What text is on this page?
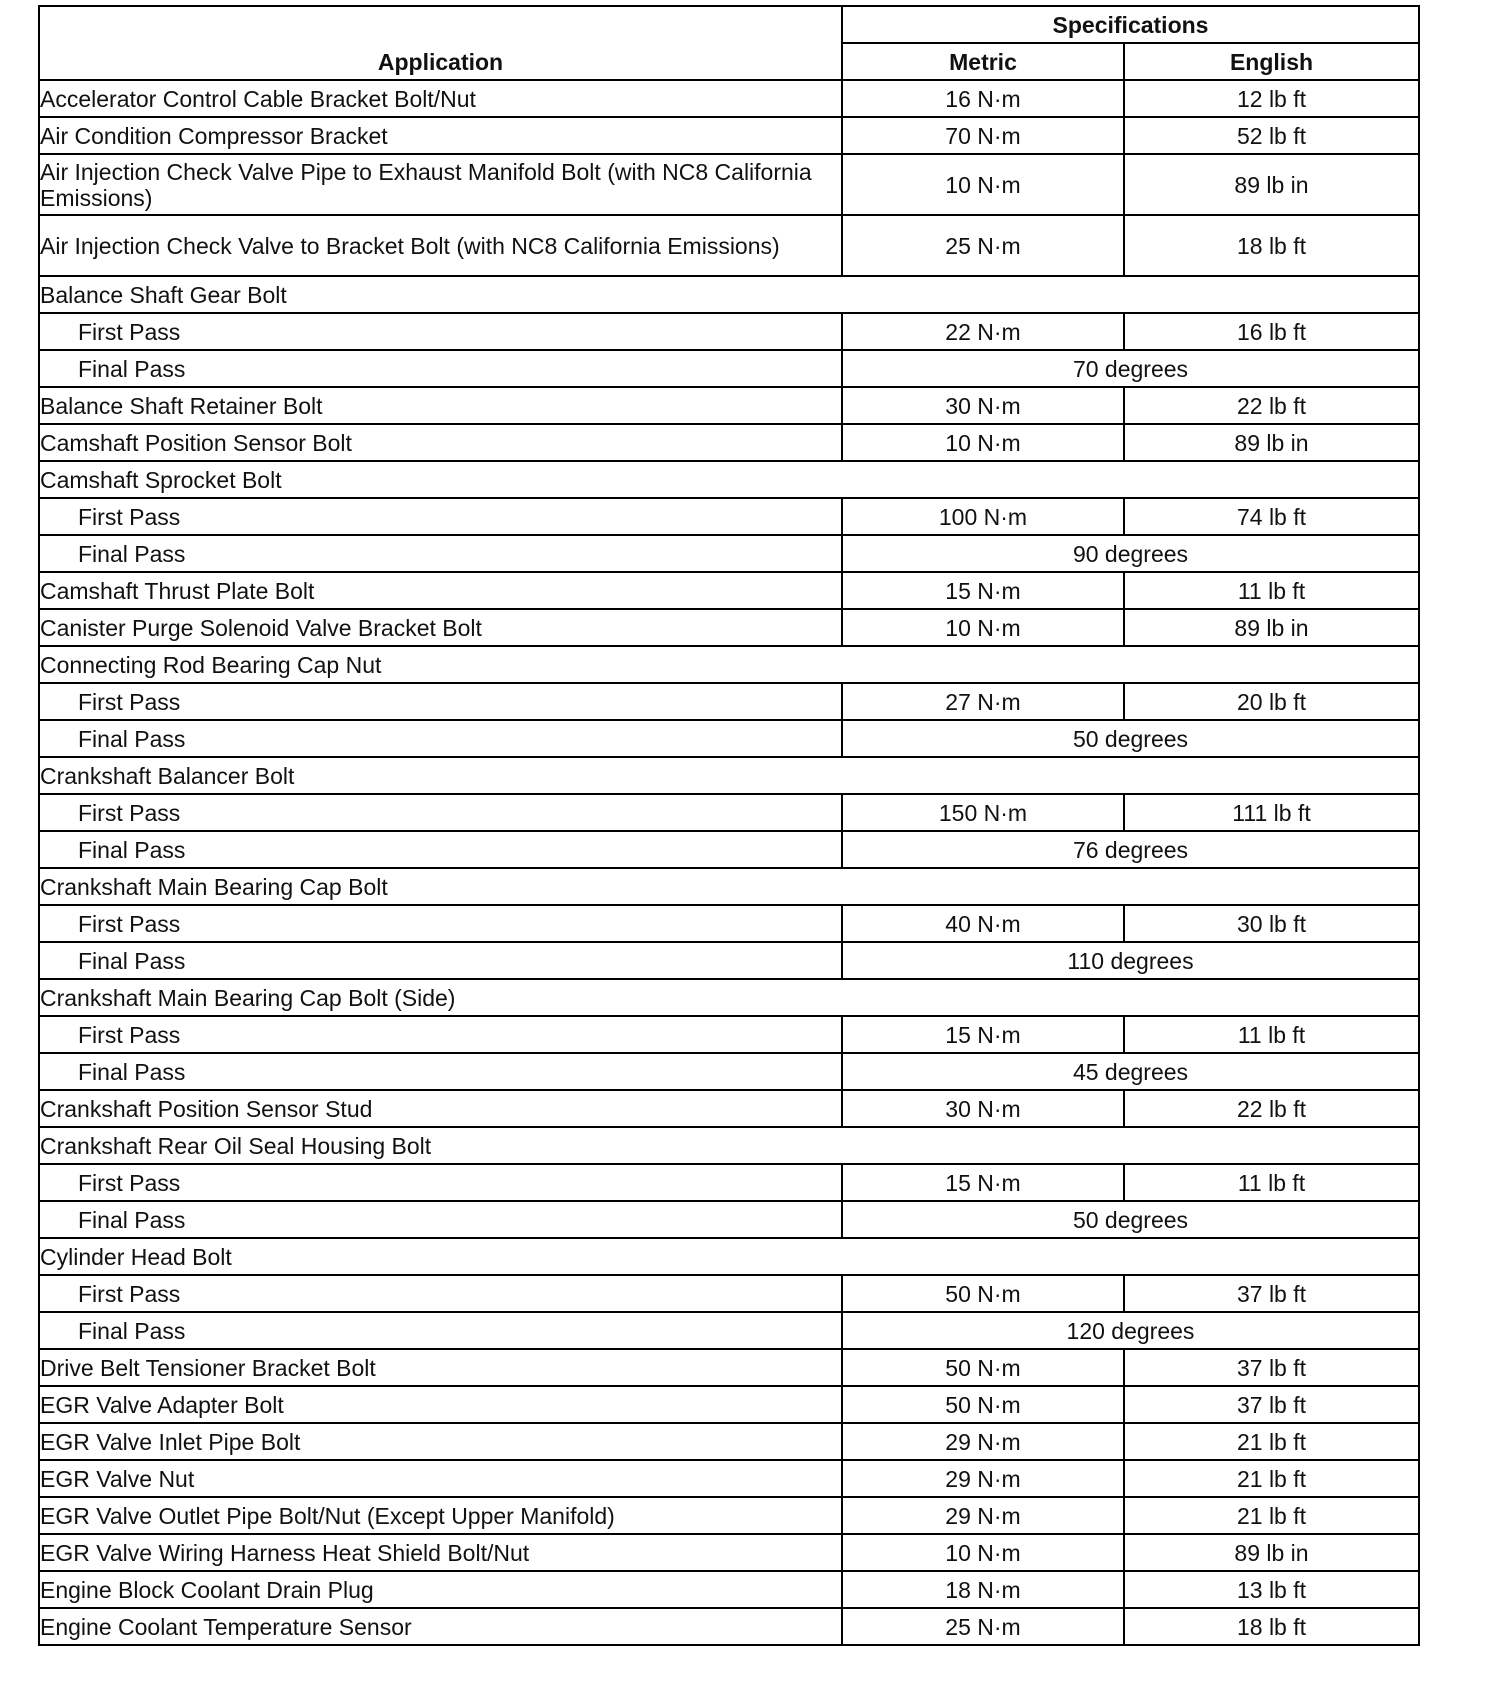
Application	Specifications	
	Metric	English
Accelerator Control Cable Bracket Bolt/Nut	16 N·m	12 lb ft
Air Condition Compressor Bracket	70 N·m	52 lb ft
Air Injection Check Valve Pipe to Exhaust Manifold Bolt (with NC8 California Emissions)	10 N·m	89 lb in
Air Injection Check Valve to Bracket Bolt (with NC8 California Emissions)	25 N·m	18 lb ft
Balance Shaft Gear Bolt		
First Pass	22 N·m	16 lb ft
Final Pass	70 degrees	
Balance Shaft Retainer Bolt	30 N·m	22 lb ft
Camshaft Position Sensor Bolt	10 N·m	89 lb in
Camshaft Sprocket Bolt		
First Pass	100 N·m	74 lb ft
Final Pass	90 degrees	
Camshaft Thrust Plate Bolt	15 N·m	11 lb ft
Canister Purge Solenoid Valve Bracket Bolt	10 N·m	89 lb in
Connecting Rod Bearing Cap Nut		
First Pass	27 N·m	20 lb ft
Final Pass	50 degrees	
Crankshaft Balancer Bolt		
First Pass	150 N·m	111 lb ft
Final Pass	76 degrees	
Crankshaft Main Bearing Cap Bolt		
First Pass	40 N·m	30 lb ft
Final Pass	110 degrees	
Crankshaft Main Bearing Cap Bolt (Side)		
First Pass	15 N·m	11 lb ft
Final Pass	45 degrees	
Crankshaft Position Sensor Stud	30 N·m	22 lb ft
Crankshaft Rear Oil Seal Housing Bolt		
First Pass	15 N·m	11 lb ft
Final Pass	50 degrees	
Cylinder Head Bolt		
First Pass	50 N·m	37 lb ft
Final Pass	120 degrees	
Drive Belt Tensioner Bracket Bolt	50 N·m	37 lb ft
EGR Valve Adapter Bolt	50 N·m	37 lb ft
EGR Valve Inlet Pipe Bolt	29 N·m	21 lb ft
EGR Valve Nut	29 N·m	21 lb ft
EGR Valve Outlet Pipe Bolt/Nut (Except Upper Manifold)	29 N·m	21 lb ft
EGR Valve Wiring Harness Heat Shield Bolt/Nut	10 N·m	89 lb in
Engine Block Coolant Drain Plug	18 N·m	13 lb ft
Engine Coolant Temperature Sensor	25 N·m	18 lb ft
